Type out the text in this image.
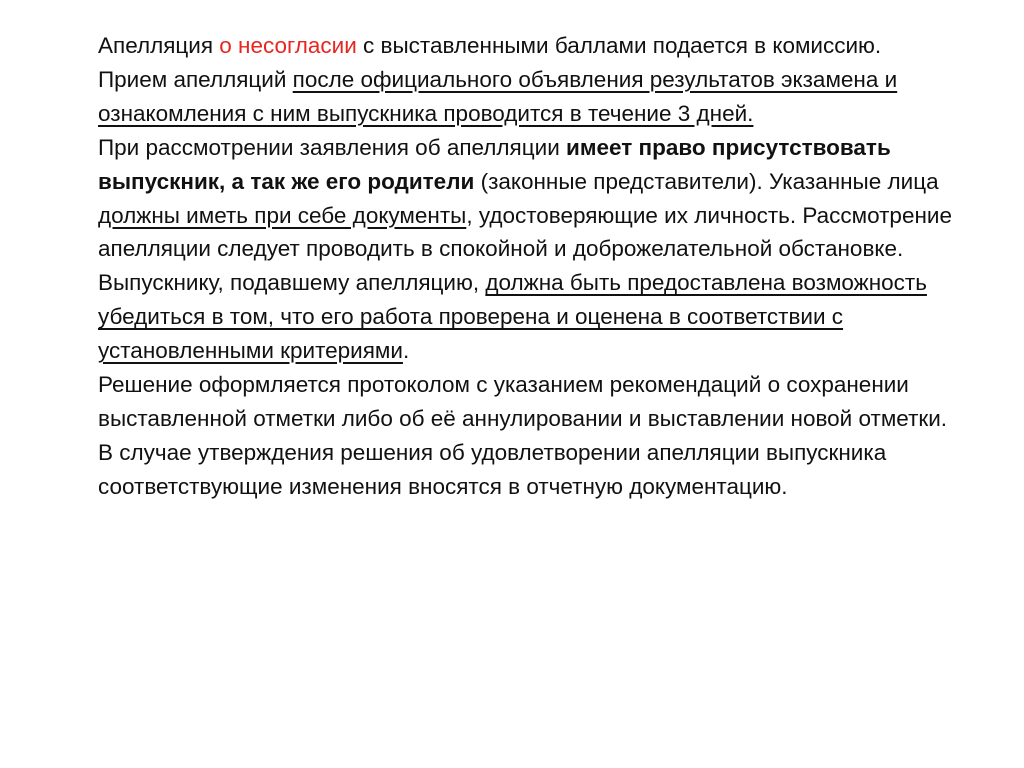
Апелляция о несогласии с выставленными баллами подается в комиссию.

Прием апелляций после официального объявления результатов экзамена и ознакомления с ним выпускника проводится в течение 3 дней.

При рассмотрении заявления об апелляции имеет право присутствовать выпускник, а так же его родители (законные представители). Указанные лица должны иметь при себе документы, удостоверяющие их личность. Рассмотрение апелляции следует проводить в спокойной и доброжелательной обстановке. Выпускнику, подавшему апелляцию, должна быть предоставлена возможность убедиться в том, что его работа проверена и оценена в соответствии с установленными критериями.

Решение оформляется протоколом с указанием рекомендаций о сохранении выставленной отметки либо об её аннулировании и выставлении новой отметки.

В случае утверждения решения об удовлетворении апелляции выпускника соответствующие изменения вносятся в отчетную документацию.
